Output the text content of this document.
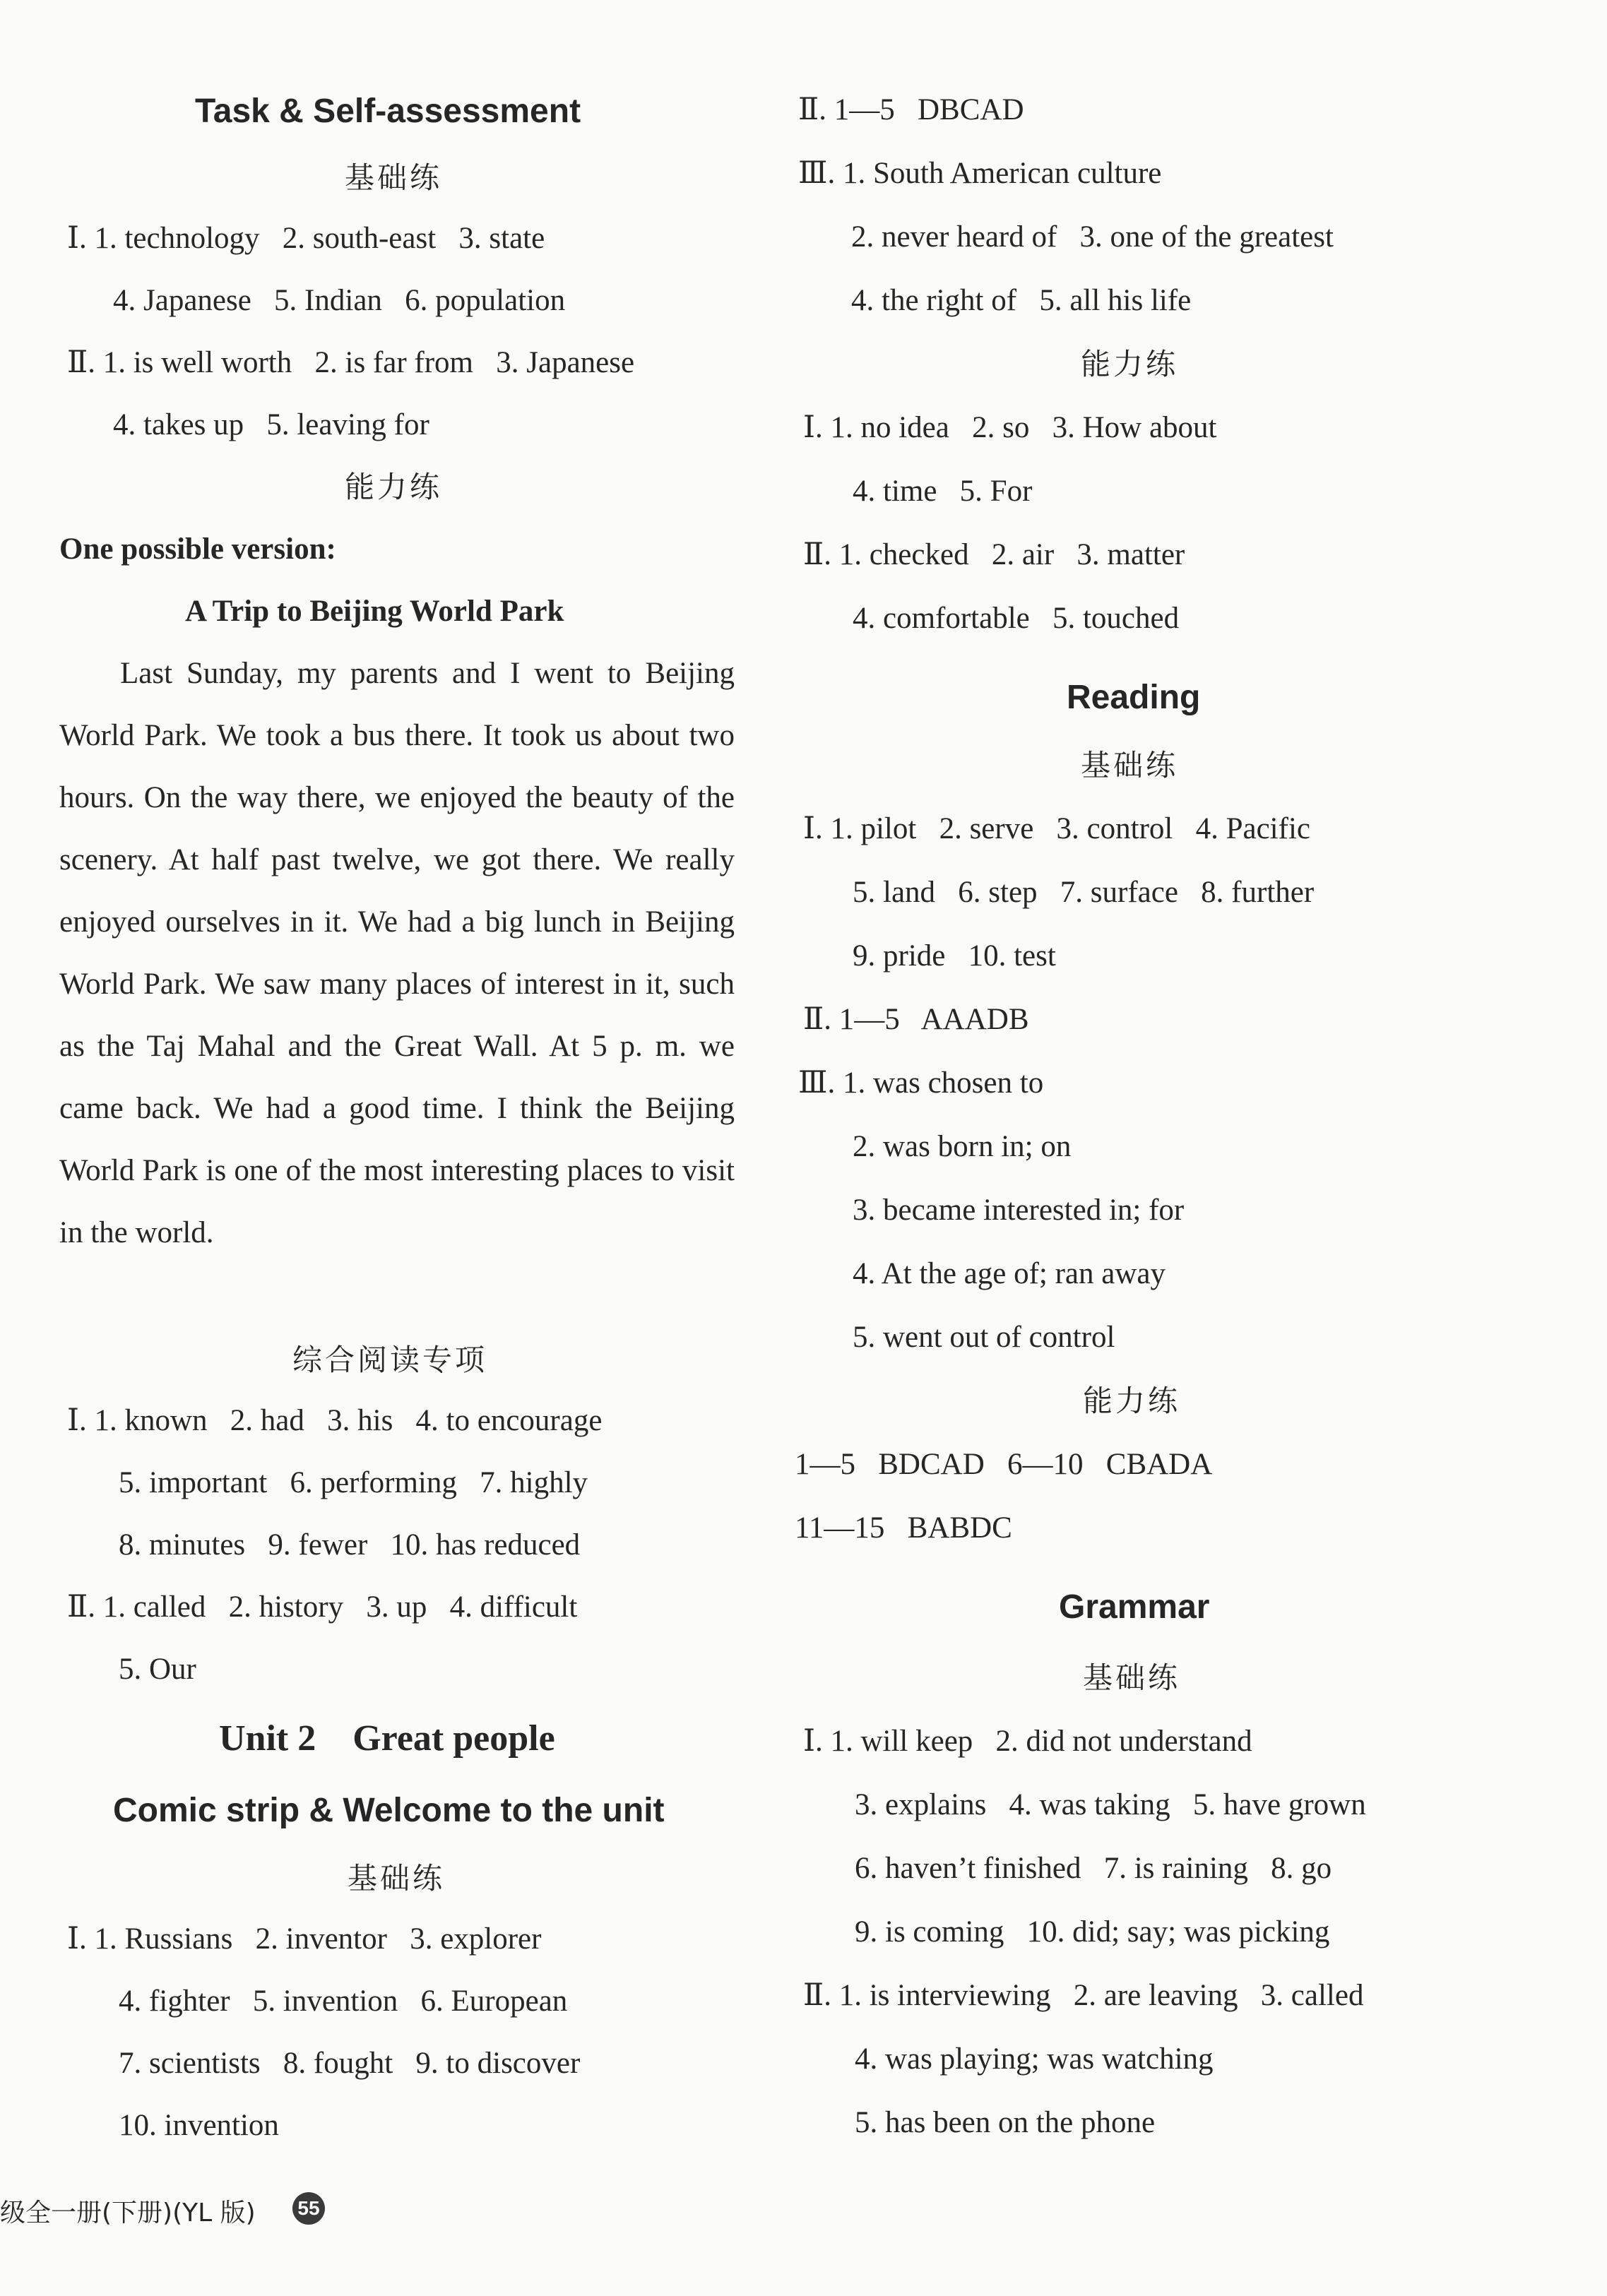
Task & Self-assessment
基础练
Ⅰ. 1. technology   2. south-east   3. state
4. Japanese   5. Indian   6. population
Ⅱ. 1. is well worth   2. is far from   3. Japanese
4. takes up   5. leaving for
能力练
One possible version:
A Trip to Beijing World Park
Last Sunday, my parents and I went to Beijing World Park. We took a bus there. It took us about two hours. On the way there, we enjoyed the beauty of the scenery. At half past twelve, we got there. We really enjoyed ourselves in it. We had a big lunch in Beijing World Park. We saw many places of interest in it, such as the Taj Mahal and the Great Wall. At 5 p. m. we came back. We had a good time. I think the Beijing World Park is one of the most interesting places to visit in the world.
综合阅读专项
Ⅰ. 1. known   2. had   3. his   4. to encourage
5. important   6. performing   7. highly
8. minutes   9. fewer   10. has reduced
Ⅱ. 1. called   2. history   3. up   4. difficult
5. Our
Unit 2    Great people
Comic strip & Welcome to the unit
基础练
Ⅰ. 1. Russians   2. inventor   3. explorer
4. fighter   5. invention   6. European
7. scientists   8. fought   9. to discover
10. invention
Ⅱ. 1—5   DBCAD
Ⅲ. 1. South American culture
2. never heard of   3. one of the greatest
4. the right of   5. all his life
能力练
Ⅰ. 1. no idea   2. so   3. How about
4. time   5. For
Ⅱ. 1. checked   2. air   3. matter
4. comfortable   5. touched
Reading
基础练
Ⅰ. 1. pilot   2. serve   3. control   4. Pacific
5. land   6. step   7. surface   8. further
9. pride   10. test
Ⅱ. 1—5   AAADB
Ⅲ. 1. was chosen to
2. was born in; on
3. became interested in; for
4. At the age of; ran away
5. went out of control
能力练
1—5   BDCAD   6—10   CBADA
11—15   BABDC
Grammar
基础练
Ⅰ. 1. will keep   2. did not understand
3. explains   4. was taking   5. have grown
6. haven’t finished   7. is raining   8. go
9. is coming   10. did; say; was picking
Ⅱ. 1. is interviewing   2. are leaving   3. called
4. was playing; was watching
5. has been on the phone
级全一册(下册)(YL 版) 55
